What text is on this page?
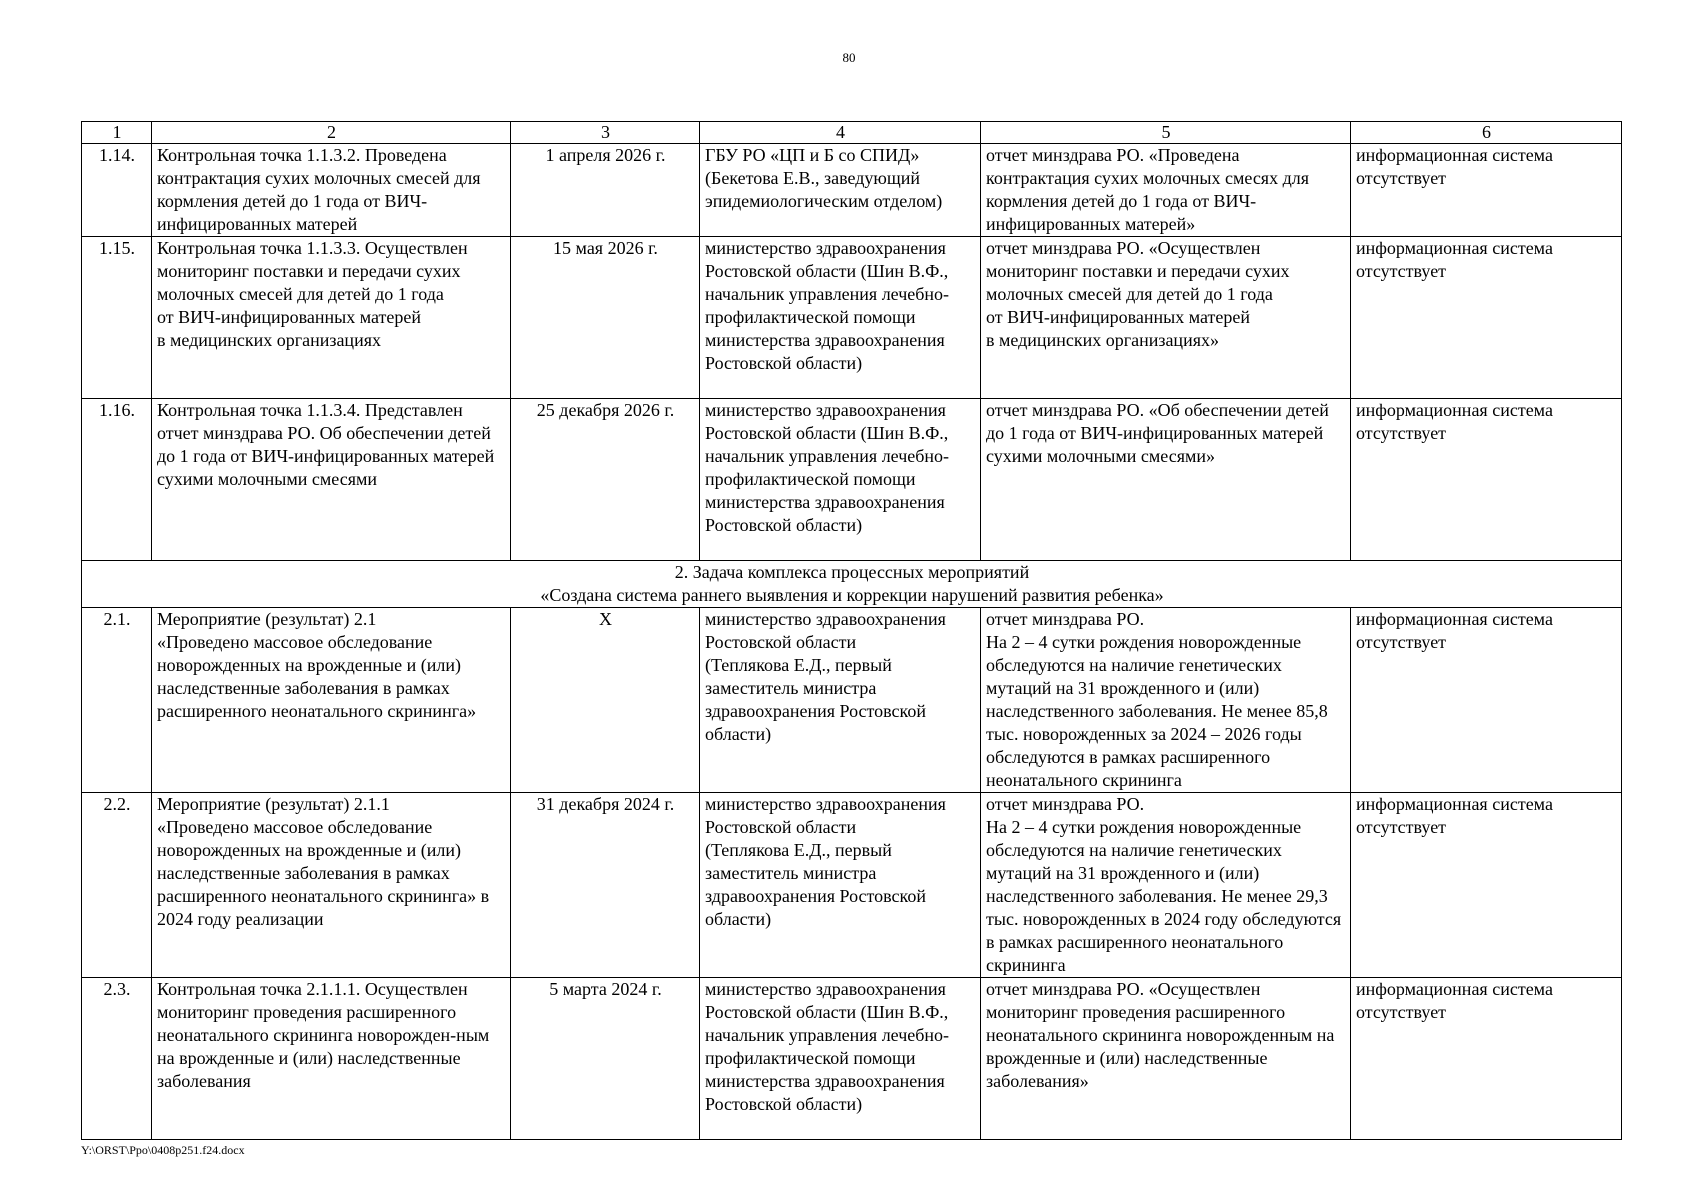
80
1	2	3	4	5	6
1.14.	Контрольная точка 1.1.3.2. Проведена контрактация сухих молочных смесей для кормления детей до 1 года от ВИЧ-инфицированных матерей	1 апреля 2026 г.	ГБУ РО «ЦП и Б со СПИД» (Бекетова Е.В., заведующий эпидемиологическим отделом)	отчет минздрава РО. «Проведена контрактация сухих молочных смесях для кормления детей до 1 года от ВИЧ-инфицированных матерей»	информационная система отсутствует
1.15.	Контрольная точка 1.1.3.3. Осуществлен мониторинг поставки и передачи сухих молочных смесей для детей до 1 года
от ВИЧ-инфицированных матерей
в медицинских организациях	15 мая 2026 г.	министерство здравоохранения Ростовской области (Шин В.Ф., начальник управления лечебно-профилактической помощи министерства здравоохранения Ростовской области)	отчет минздрава РО. «Осуществлен мониторинг поставки и передачи сухих молочных смесей для детей до 1 года
от ВИЧ-инфицированных матерей
в медицинских организациях»	информационная система отсутствует
1.16.	Контрольная точка 1.1.3.4. Представлен отчет минздрава РО. Об обеспечении детей до 1 года от ВИЧ-инфицированных матерей сухими молочными смесями	25 декабря 2026 г.	министерство здравоохранения Ростовской области (Шин В.Ф., начальник управления лечебно-профилактической помощи министерства здравоохранения Ростовской области)	отчет минздрава РО. «Об обеспечении детей до 1 года от ВИЧ-инфицированных матерей сухими молочными смесями»	информационная система отсутствует
2. Задача комплекса процессных мероприятий
«Создана система раннего выявления и коррекции нарушений развития ребенка»					
2.1.	Мероприятие (результат) 2.1
«Проведено массовое обследование новорожденных на врожденные и (или) наследственные заболевания в рамках расширенного неонатального скрининга»	Х	министерство здравоохранения Ростовской области
(Теплякова Е.Д., первый заместитель министра здравоохранения Ростовской области)	отчет минздрава РО.
На 2 – 4 сутки рождения новорожденные обследуются на наличие генетических мутаций на 31 врожденного и (или) наследственного заболевания. Не менее 85,8 тыс. новорожденных за 2024 – 2026 годы обследуются в рамках расширенного неонатального скрининга	информационная система отсутствует
2.2.	Мероприятие (результат) 2.1.1
«Проведено массовое обследование новорожденных на врожденные и (или) наследственные заболевания в рамках расширенного неонатального скрининга» в 2024 году реализации	31 декабря 2024 г.	министерство здравоохранения Ростовской области
(Теплякова Е.Д., первый заместитель министра здравоохранения Ростовской области)	отчет минздрава РО.
На 2 – 4 сутки рождения новорожденные обследуются на наличие генетических мутаций на 31 врожденного и (или) наследственного заболевания. Не менее 29,3 тыс. новорожденных в 2024 году обследуются в рамках расширенного неонатального скрининга	информационная система отсутствует
2.3.	Контрольная точка 2.1.1.1. Осуществлен мониторинг проведения расширенного неонатального скрининга новорожден-ным на врожденные и (или) наследственные заболевания	5 марта 2024 г.	министерство здравоохранения Ростовской области (Шин В.Ф., начальник управления лечебно-профилактической помощи министерства здравоохранения Ростовской области)	отчет минздрава РО. «Осуществлен мониторинг проведения расширенного неонатального скрининга новорожденным на врожденные и (или) наследственные заболевания»	информационная система отсутствует
Y:\ORST\Ppo\0408p251.f24.docx
